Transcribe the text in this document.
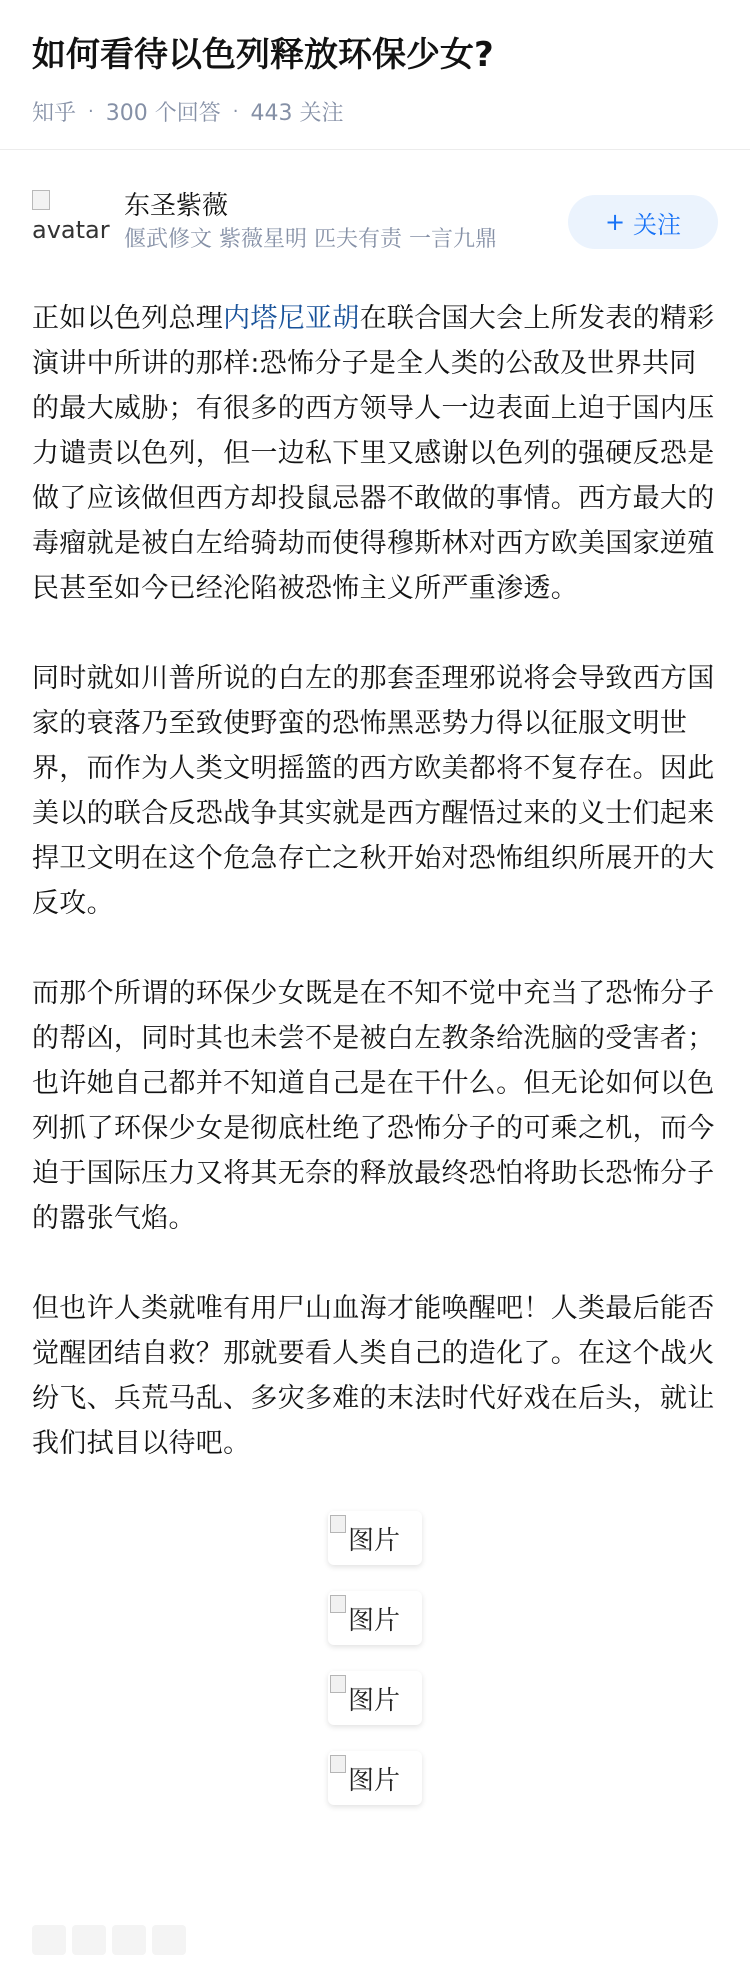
如何看待以色列释放环保少女?
知乎 · 300 个回答 · 443 关注
avatar
东圣紫薇
偃武修文 紫薇星明 匹夫有责 一言九鼎
+ 关注

正如以色列总理内塔尼亚胡在联合国大会上所发表的精彩演讲中所讲的那样:恐怖分子是全人类的公敌及世界共同的最大威胁；有很多的西方领导人一边表面上迫于国内压力谴责以色列，但一边私下里又感谢以色列的强硬反恐是做了应该做但西方却投鼠忌器不敢做的事情。西方最大的毒瘤就是被白左给骑劫而使得穆斯林对西方欧美国家逆殖民甚至如今已经沦陷被恐怖主义所严重渗透。

同时就如川普所说的白左的那套歪理邪说将会导致西方国家的衰落乃至致使野蛮的恐怖黑恶势力得以征服文明世界，而作为人类文明摇篮的西方欧美都将不复存在。因此美以的联合反恐战争其实就是西方醒悟过来的义士们起来捍卫文明在这个危急存亡之秋开始对恐怖组织所展开的大反攻。

而那个所谓的环保少女既是在不知不觉中充当了恐怖分子的帮凶，同时其也未尝不是被白左教条给洗脑的受害者；也许她自己都并不知道自己是在干什么。但无论如何以色列抓了环保少女是彻底杜绝了恐怖分子的可乘之机，而今迫于国际压力又将其无奈的释放最终恐怕将助长恐怖分子的嚣张气焰。

但也许人类就唯有用尸山血海才能唤醒吧！人类最后能否觉醒团结自救？那就要看人类自己的造化了。在这个战火纷飞、兵荒马乱、多灾多难的末法时代好戏在后头，就让我们拭目以待吧。

图片
图片
图片
图片
